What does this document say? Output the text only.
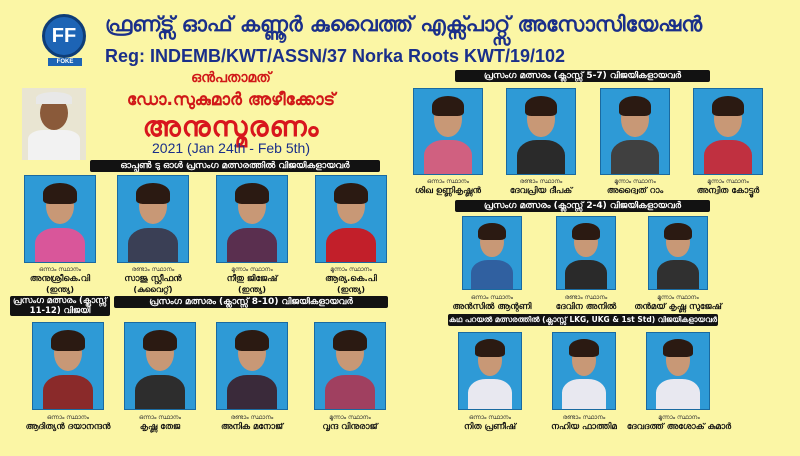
FF
FOKE
ഫ്രണ്ട്സ് ഓഫ് കണ്ണൂർ കുവൈത്ത് എക്സ്പാറ്റ്സ് അസോസിയേഷൻ
Reg: INDEMB/KWT/ASSN/37 Norka Roots KWT/19/102
ഒൻപതാമത്
ഡോ.സുകുമാർ അഴീക്കോട്
അനുസ്മരണം
2021 (Jan 24th - Feb 5th)
ഓപ്പൺ ടു ഓൾ പ്രസംഗ മത്സരത്തിൽ വിജയികളായവർ
ഒന്നാം സ്ഥാനം
അനുശ്രീകെ.വി
(ഇന്ത്യ)
രണ്ടാം സ്ഥാനം
സാജു സ്റ്റീഫൻ
(കുവൈറ്റ്)
മൂന്നാം സ്ഥാനം
നീതു ജിജേഷ്
(ഇന്ത്യ)
മൂന്നാം സ്ഥാനം
ആര്യ.കെ.പി
(ഇന്ത്യ)
പ്രസംഗ മത്സരം (ക്ലാസ്സ് 11-12) വിജയി
ഒന്നാം സ്ഥാനം
ആദിത്യൻ ദയാനന്ദൻ
പ്രസംഗ മത്സരം (ക്ലാസ്സ് 8-10) വിജയികളായവർ
ഒന്നാം സ്ഥാനം
കൃഷ്ണ തേജ
രണ്ടാം സ്ഥാനം
അനിക മനോജ്
മൂന്നാം സ്ഥാനം
വൃന്ദ വിനുരാജ്
പ്രസംഗ മത്സരം (ക്ലാസ്സ് 5-7) വിജയികളായവർ
ഒന്നാം സ്ഥാനം
ശിഖ ഉണ്ണികൃഷ്ണൻ
രണ്ടാം സ്ഥാനം
ദേവപ്രിയ ദീപക്
മൂന്നാം സ്ഥാനം
അദ്വൈത് റാം
മൂന്നാം സ്ഥാനം
അന്വിത കോട്ടൂർ
പ്രസംഗ മത്സരം (ക്ലാസ്സ് 2-4) വിജയികളായവർ
ഒന്നാം സ്ഥാനം
അൻസിൽ ആന്റണി
രണ്ടാം സ്ഥാനം
ദേവിന അനിൽ
മൂന്നാം സ്ഥാനം
തൻമയ് കൃഷ്ണ സുജേഷ്
കഥ പറയൽ മത്സരത്തിൽ (ക്ലാസ്സ് LKG, UKG & 1st Std) വിജയികളായവർ
ഒന്നാം സ്ഥാനം
നിത പ്രണീഷ്
രണ്ടാം സ്ഥാനം
നഹിയ ഫാത്തിമ
മൂന്നാം സ്ഥാനം
ദേവദത്ത് അശോക് കുമാർ
